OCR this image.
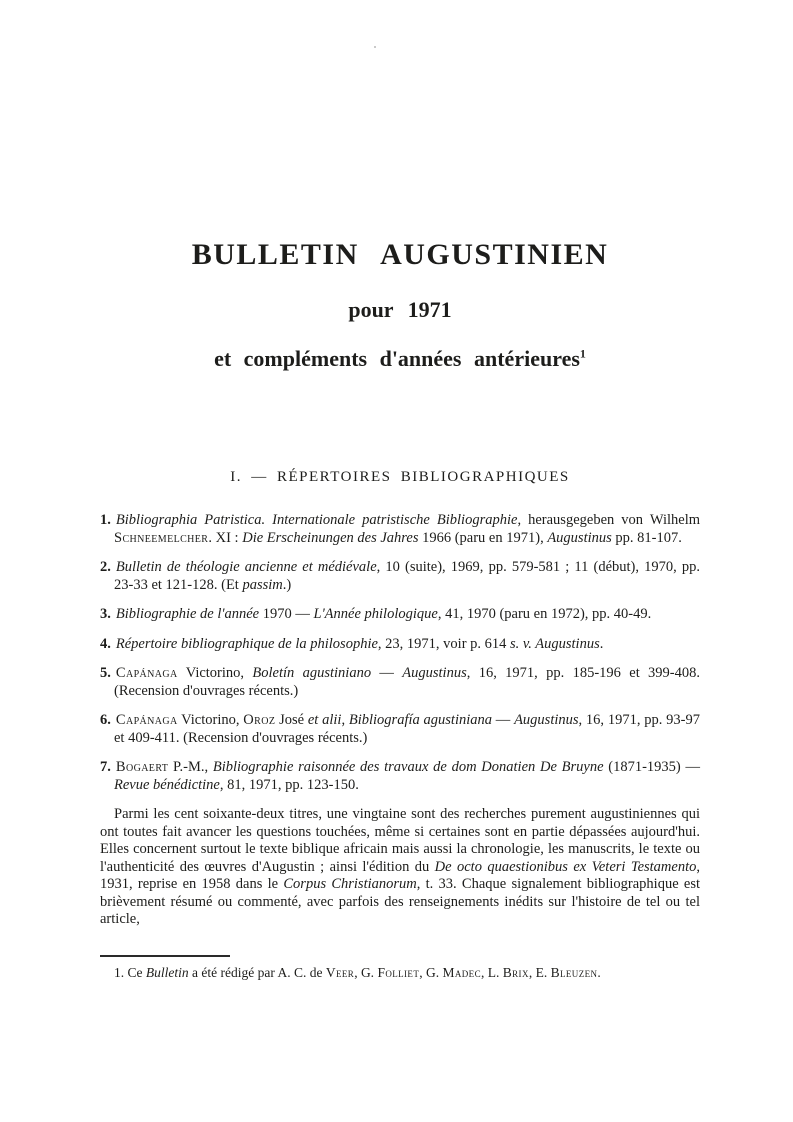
BULLETIN AUGUSTINIEN
pour 1971
et compléments d'années antérieures$^1$
I. — RÉPERTOIRES BIBLIOGRAPHIQUES
1. Bibliographia Patristica. Internationale patristische Bibliographie, herausgegeben von Wilhelm Schneemelcher. XI : Die Erscheinungen des Jahres 1966 (paru en 1971), Augustinus pp. 81-107.
2. Bulletin de théologie ancienne et médiévale, 10 (suite), 1969, pp. 579-581 ; 11 (début), 1970, pp. 23-33 et 121-128. (Et passim.)
3. Bibliographie de l'année 1970 — L'Année philologique, 41, 1970 (paru en 1972), pp. 40-49.
4. Répertoire bibliographique de la philosophie, 23, 1971, voir p. 614 s. v. Augustinus.
5. Capánaga Victorino, Boletín agustiniano — Augustinus, 16, 1971, pp. 185-196 et 399-408. (Recension d'ouvrages récents.)
6. Capánaga Victorino, Oroz José et alii, Bibliografía agustiniana — Augustinus, 16, 1971, pp. 93-97 et 409-411. (Recension d'ouvrages récents.)
7. Bogaert P.-M., Bibliographie raisonnée des travaux de dom Donatien De Bruyne (1871-1935) — Revue bénédictine, 81, 1971, pp. 123-150.

Parmi les cent soixante-deux titres, une vingtaine sont des recherches purement augustiniennes qui ont toutes fait avancer les questions touchées, même si certaines sont en partie dépassées aujourd'hui. Elles concernent surtout le texte biblique africain mais aussi la chronologie, les manuscrits, le texte ou l'authenticité des œuvres d'Augustin ; ainsi l'édition du De octo quaestionibus ex Veteri Testamento, 1931, reprise en 1958 dans le Corpus Christianorum, t. 33. Chaque signalement bibliographique est brièvement résumé ou commenté, avec parfois des renseignements inédits sur l'histoire de tel ou tel article,

1. Ce Bulletin a été rédigé par A. C. de Veer, G. Folliet, G. Madec, L. Brix, E. Bleuzen.
